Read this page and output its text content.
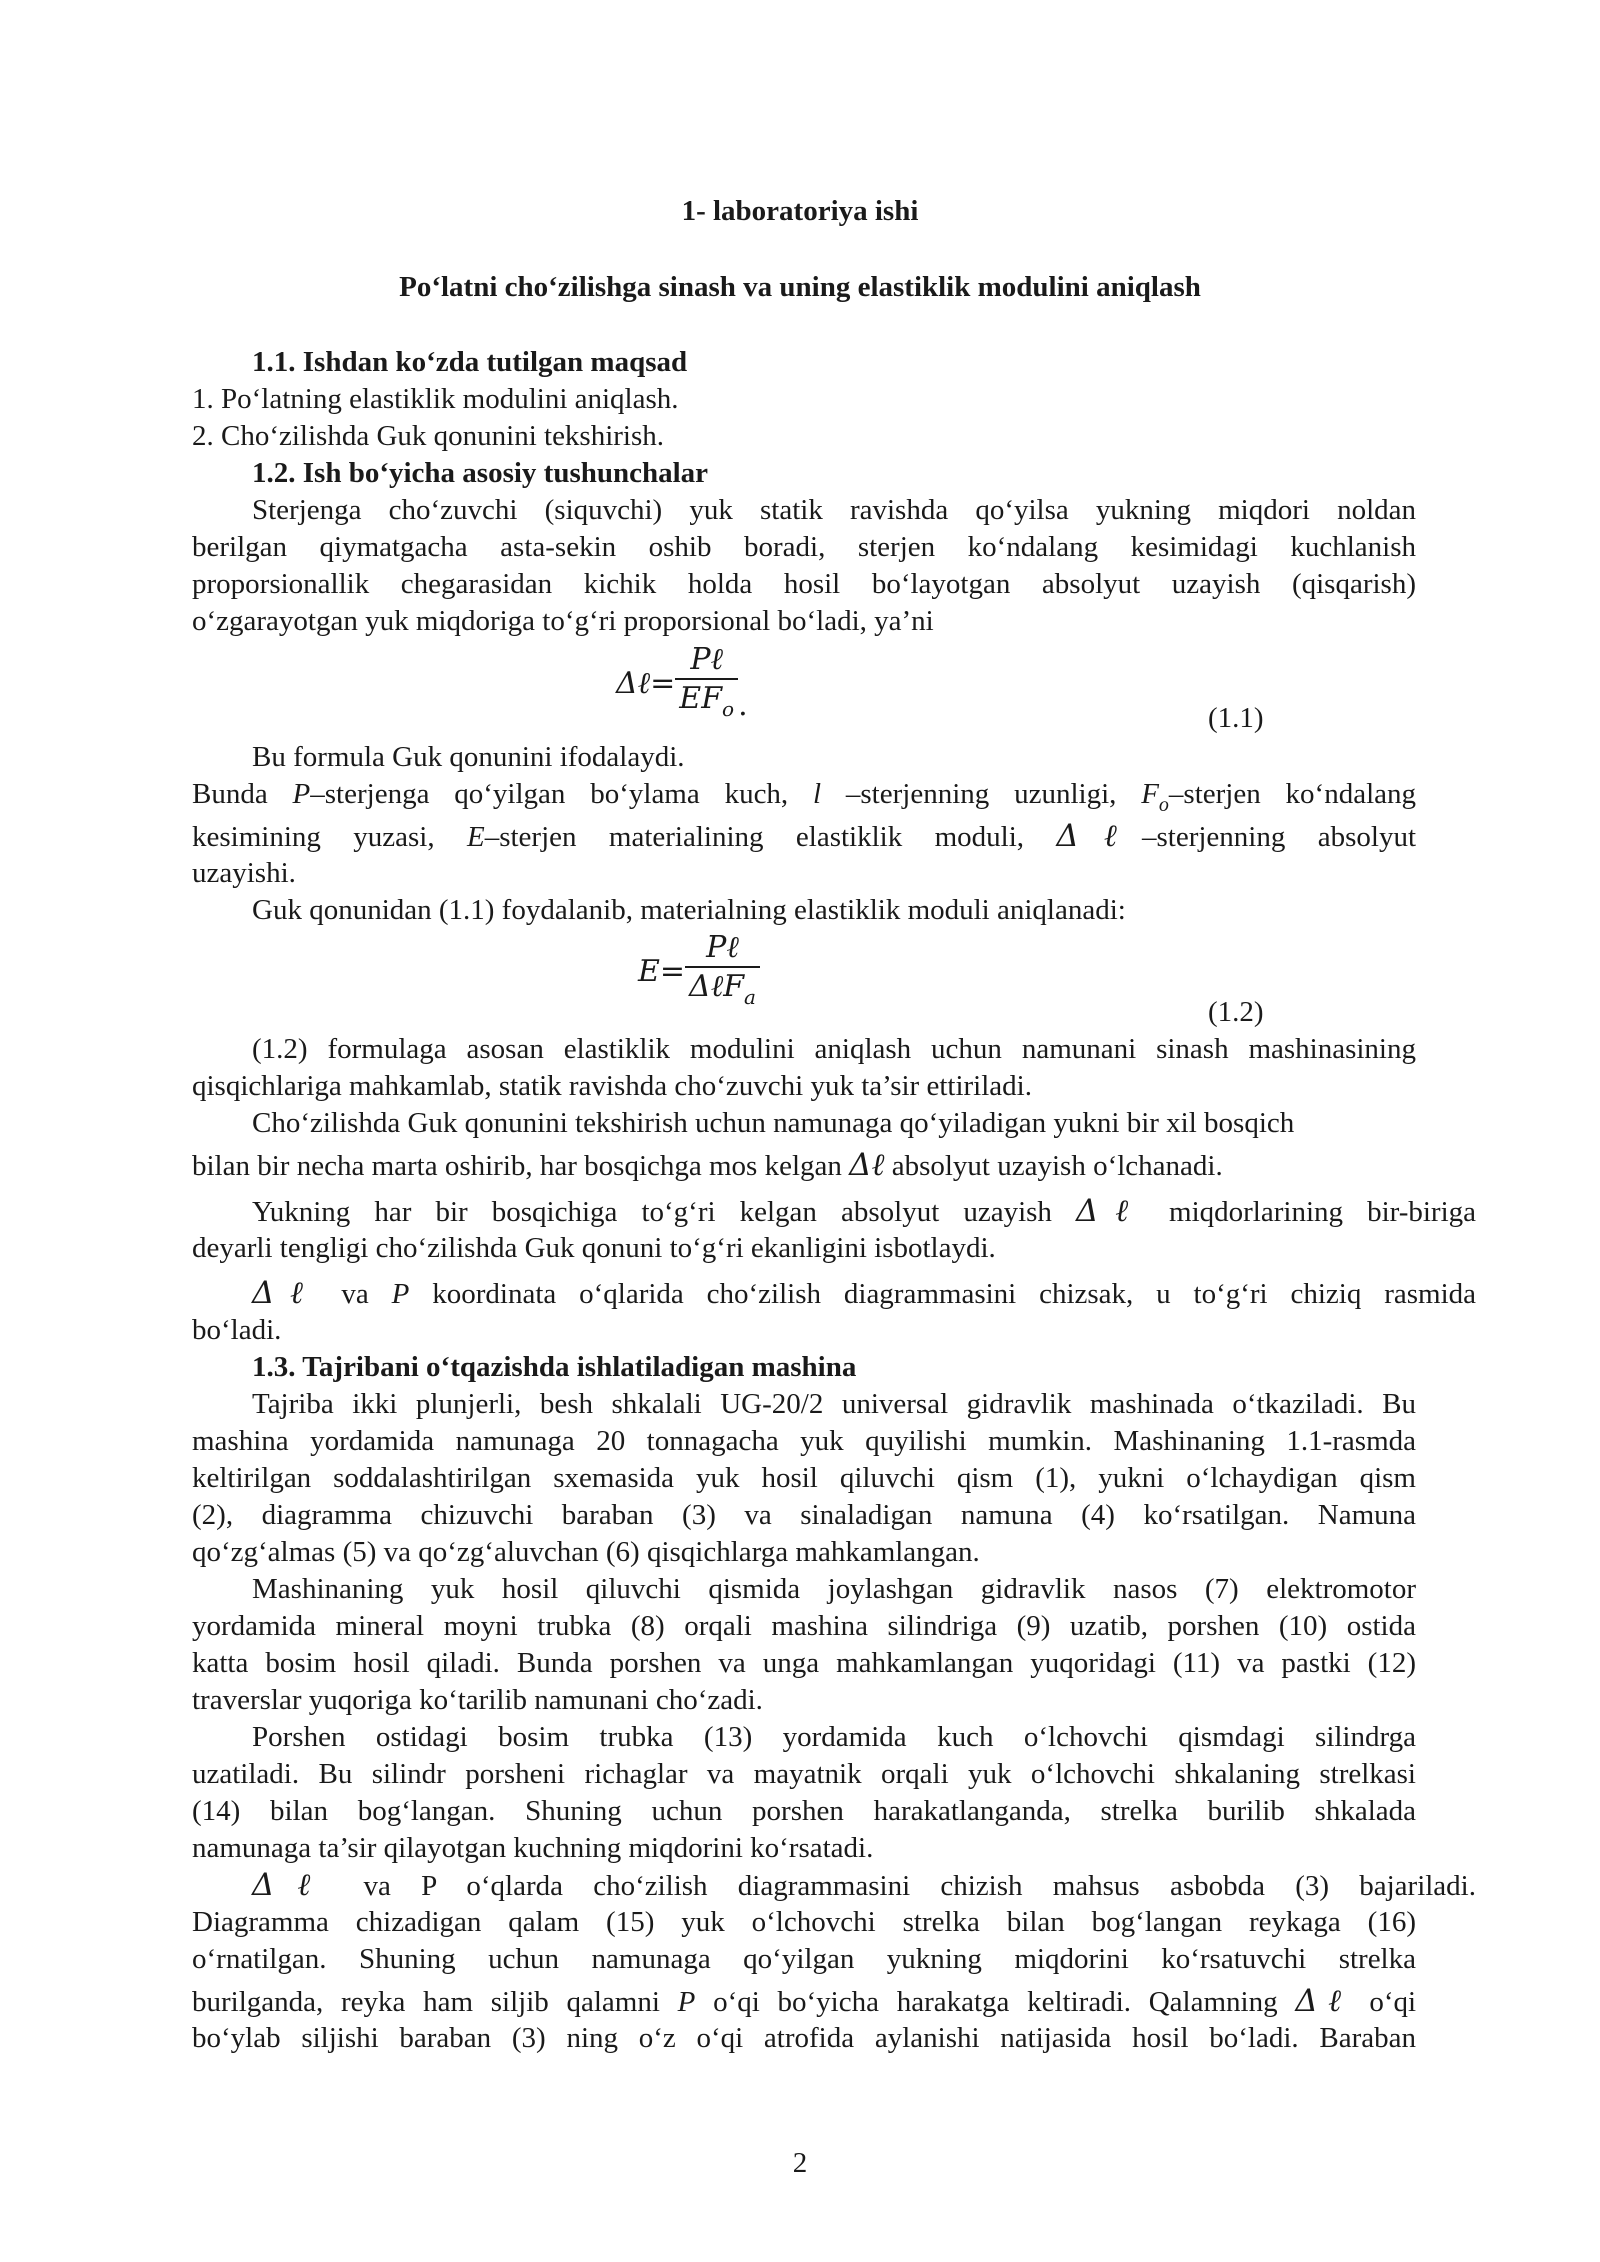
1- laboratoriya ishi
Po‘latni cho‘zilishga sinash va uning elastiklik modulini aniqlash
1.1. Ishdan ko‘zda tutilgan maqsad
1. Po‘latning elastiklik modulini aniqlash.
2. Cho‘zilishda Guk qonunini tekshirish.
1.2. Ish bo‘yicha asosiy tushunchalar
Sterjenga cho‘zuvchi (siquvchi) yuk statik ravishda qo‘yilsa yukning miqdori noldan
berilgan qiymatgacha asta-sekin oshib boradi, sterjen ko‘ndalang kesimidagi kuchlanish
proporsionallik chegarasidan kichik holda hosil bo‘layotgan absolyut uzayish (qisqarish)
o‘zgarayotgan yuk miqdoriga to‘g‘ri proporsional bo‘ladi, ya’ni
Δℓ= $\frac{\text{Pℓ}}{EF_o}$ .	(1.1)
Bu formula Guk qonunini ifodalaydi.
Bunda P–sterjenga qo‘yilgan bo‘ylama kuch, l –sterjenning uzunligi, $F_o$–sterjen ko‘ndalang
kesimining yuzasi, E–sterjen materialining elastiklik moduli, Δℓ–sterjenning absolyut
uzayishi.
Guk qonunidan (1.1) foydalanib, materialning elastiklik moduli aniqlanadi:
$E= \frac{\text{Pℓ}}{\Delta\ell F_a}$	(1.2)
(1.2) formulaga asosan elastiklik modulini aniqlash uchun namunani sinash mashinasining
qisqichlariga mahkamlab, statik ravishda cho‘zuvchi yuk ta’sir ettiriladi.
Cho‘zilishda Guk qonunini tekshirish uchun namunaga qo‘yiladigan yukni bir xil bosqich
bilan bir necha marta oshirib, har bosqichga mos kelgan Δℓ absolyut uzayish o‘lchanadi.
Yukning har bir bosqichiga to‘g‘ri kelgan absolyut uzayish Δℓ miqdorlarining bir-biriga
deyarli tengligi cho‘zilishda Guk qonuni to‘g‘ri ekanligini isbotlaydi.
Δℓ va P koordinata o‘qlarida cho‘zilish diagrammasini chizsak, u to‘g‘ri chiziq rasmida
bo‘ladi.
1.3. Tajribani o‘tqazishda ishlatiladigan mashina
Tajriba ikki plunjerli, besh shkalali UG-20/2 universal gidravlik mashinada o‘tkaziladi. Bu
mashina yordamida namunaga 20 tonnagacha yuk quyilishi mumkin. Mashinaning 1.1-rasmda
keltirilgan soddalashtirilgan sxemasida yuk hosil qiluvchi qism (1), yukni o‘lchaydigan qism
(2), diagramma chizuvchi baraban (3) va sinaladigan namuna (4) ko‘rsatilgan. Namuna
qo‘zg‘almas (5) va qo‘zg‘aluvchan (6) qisqichlarga mahkamlangan.
Mashinaning yuk hosil qiluvchi qismida joylashgan gidravlik nasos (7) elektromotor
yordamida mineral moyni trubka (8) orqali mashina silindriga (9) uzatib, porshen (10) ostida
katta bosim hosil qiladi. Bunda porshen va unga mahkamlangan yuqoridagi (11) va pastki (12)
traverslar yuqoriga ko‘tarilib namunani cho‘zadi.
Porshen ostidagi bosim trubka (13) yordamida kuch o‘lchovchi qismdagi silindrga
uzatiladi. Bu silindr porsheni richaglar va mayatnik orqali yuk o‘lchovchi shkalaning strelkasi
(14) bilan bog‘langan. Shuning uchun porshen harakatlanganda, strelka burilib shkalada
namunaga ta’sir qilayotgan kuchning miqdorini ko‘rsatadi.
Δℓ va P o‘qlarda cho‘zilish diagrammasini chizish mahsus asbobda (3) bajariladi.
Diagramma chizadigan qalam (15) yuk o‘lchovchi strelka bilan bog‘langan reykaga (16)
o‘rnatilgan. Shuning uchun namunaga qo‘yilgan yukning miqdorini ko‘rsatuvchi strelka
burilganda, reyka ham siljib qalamni P o‘qi bo‘yicha harakatga keltiradi. Qalamning Δℓ o‘qi
bo‘ylab siljishi baraban (3) ning o‘z o‘qi atrofida aylanishi natijasida hosil bo‘ladi. Baraban
2
